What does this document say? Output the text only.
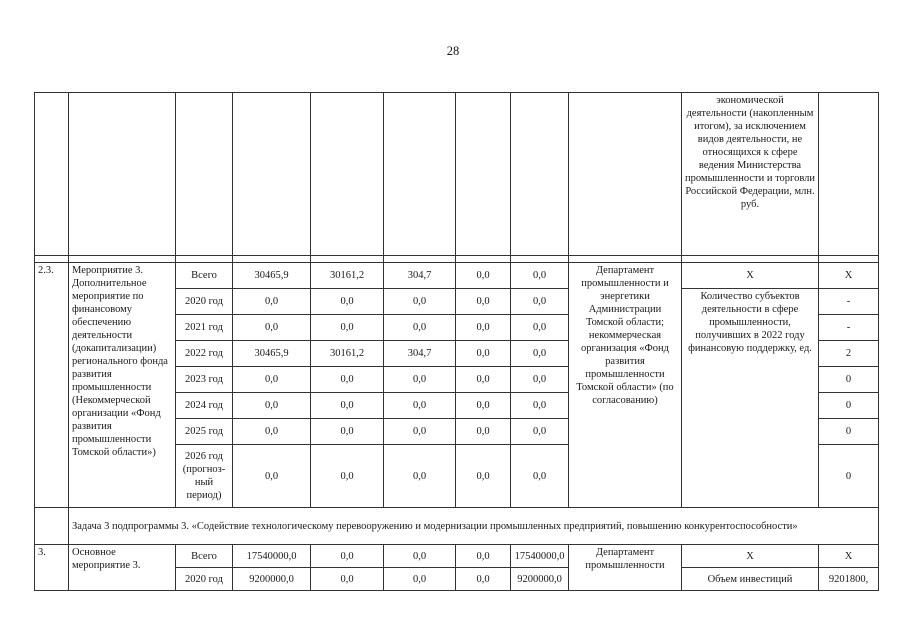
28
									экономической деятельности (накопленным итогом), за исключением видов деятельности, не относящихся к сфере ведения Министерства промышленности и торговли Российской Федерации, млн. руб.	

2.3.	Мероприятие 3. Дополнительное мероприятие по финансовому обеспечению деятельности (докапитализации) регионального фонда развития промышленности (Некоммерческой организации «Фонд развития промышленности Томской области»)	Всего	30465,9	30161,2	304,7	0,0	0,0	Департамент промышленности и энергетики Администрации Томской области; некоммерческая организация «Фонд развития промышленности Томской области» (по согласованию)	Х	Х
		2020 год	0,0	0,0	0,0	0,0	0,0		Количество субъектов деятельности в сфере промышленности, получивших в 2022 году финансовую поддержку, ед.	-
		2021 год	0,0	0,0	0,0	0,0	0,0			-
		2022 год	30465,9	30161,2	304,7	0,0	0,0			2
		2023 год	0,0	0,0	0,0	0,0	0,0			0
		2024 год	0,0	0,0	0,0	0,0	0,0			0
		2025 год	0,0	0,0	0,0	0,0	0,0			0
		2026 год (прогноз-ный период)	0,0	0,0	0,0	0,0	0,0			0
	Задача 3 подпрограммы 3. «Содействие технологическому перевооружению и модернизации промышленных предприятий, повышению конкурентоспособности»									
3.	Основное мероприятие 3.	Всего	17540000,0	0,0	0,0	0,0	17540000,0	Департамент промышленности	Х	Х
		2020 год	9200000,0	0,0	0,0	0,0	9200000,0		Объем инвестиций	9201800,
